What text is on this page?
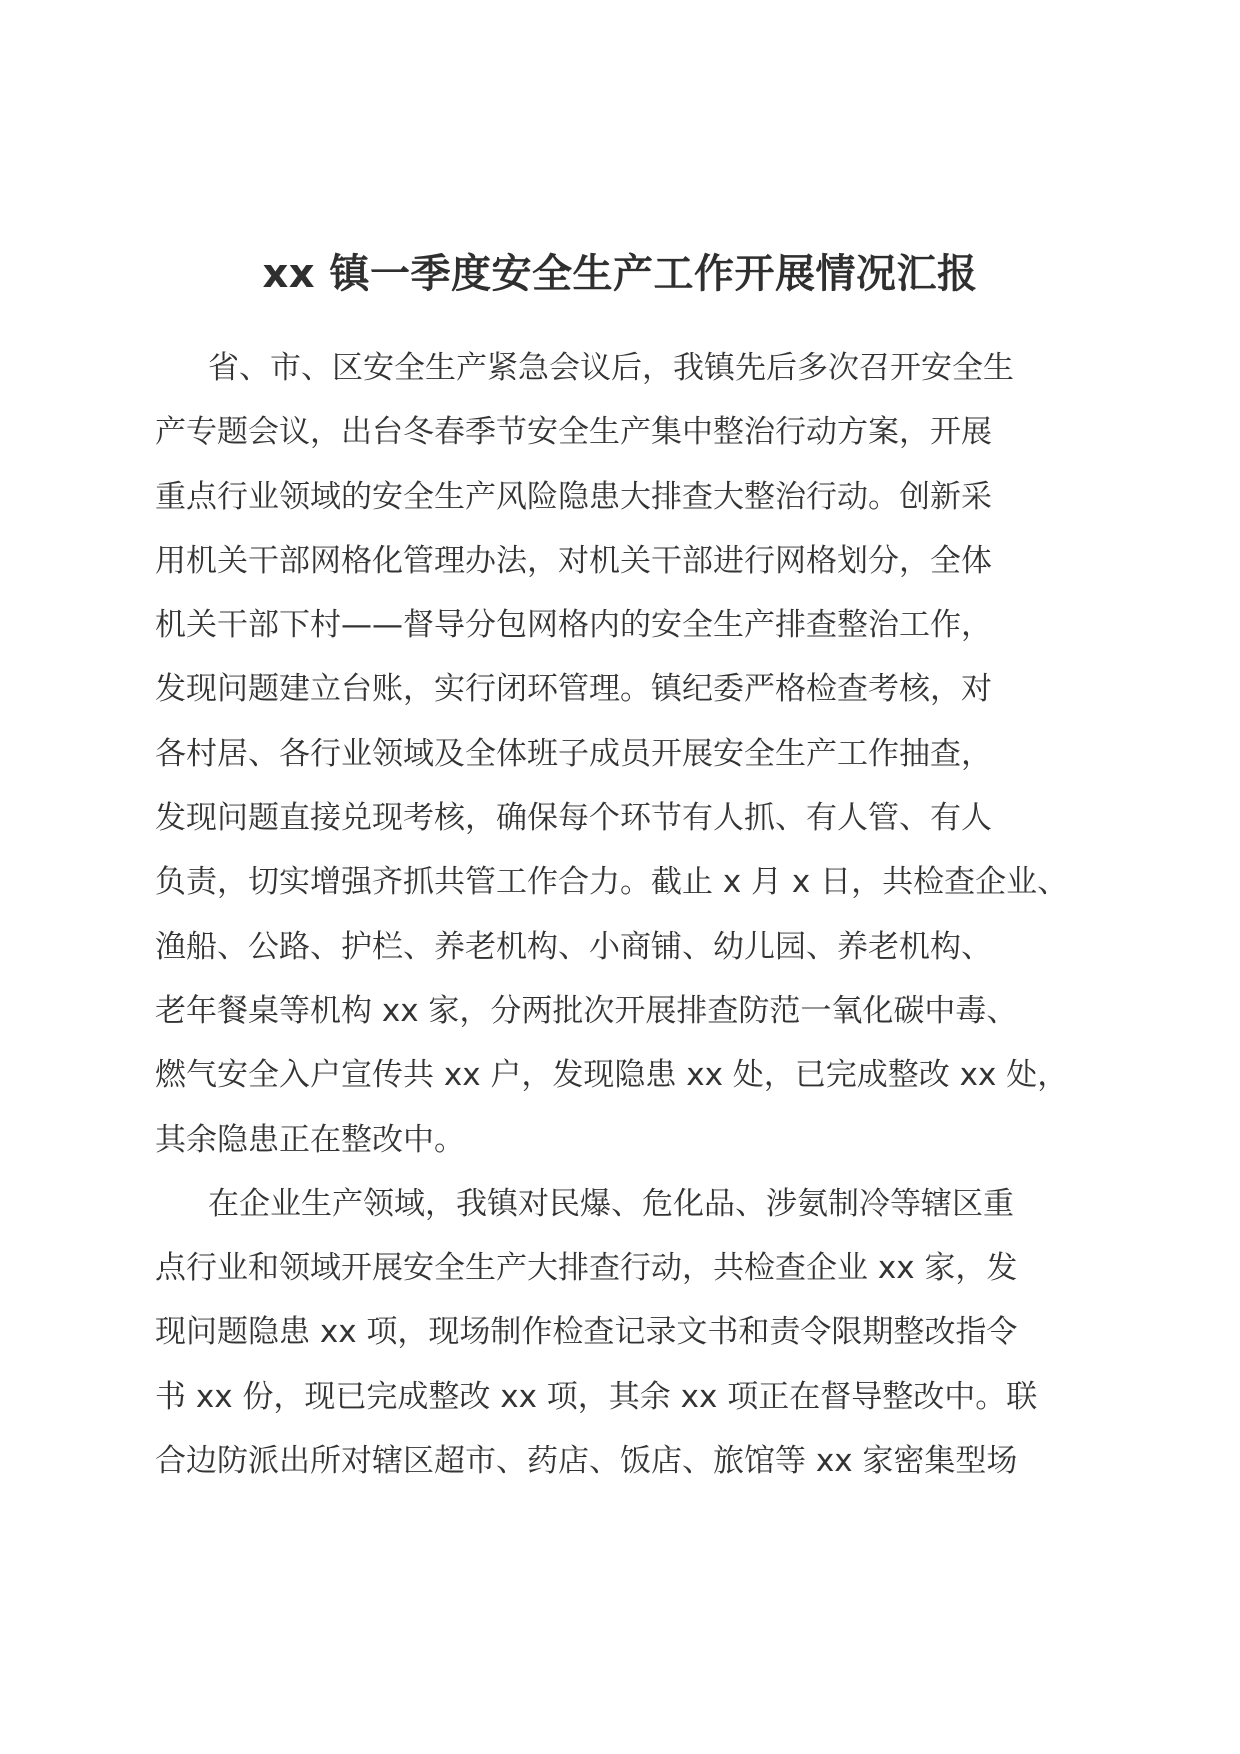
xx 镇一季度安全生产工作开展情况汇报
省、市、区安全生产紧急会议后，我镇先后多次召开安全生
产专题会议，出台冬春季节安全生产集中整治行动方案，开展
重点行业领域的安全生产风险隐患大排查大整治行动。创新采
用机关干部网格化管理办法，对机关干部进行网格划分，全体
机关干部下村——督导分包网格内的安全生产排查整治工作，
发现问题建立台账，实行闭环管理。镇纪委严格检查考核，对
各村居、各行业领域及全体班子成员开展安全生产工作抽查，
发现问题直接兑现考核，确保每个环节有人抓、有人管、有人
负责，切实增强齐抓共管工作合力。截止 x 月 x 日，共检查企业、
渔船、公路、护栏、养老机构、小商铺、幼儿园、养老机构、
老年餐桌等机构 xx 家，分两批次开展排查防范一氧化碳中毒、
燃气安全入户宣传共 xx 户，发现隐患 xx 处，已完成整改 xx 处，
其余隐患正在整改中。
在企业生产领域，我镇对民爆、危化品、涉氨制冷等辖区重
点行业和领域开展安全生产大排查行动，共检查企业 xx 家，发
现问题隐患 xx 项，现场制作检查记录文书和责令限期整改指令
书 xx 份，现已完成整改 xx 项，其余 xx 项正在督导整改中。联
合边防派出所对辖区超市、药店、饭店、旅馆等 xx 家密集型场
